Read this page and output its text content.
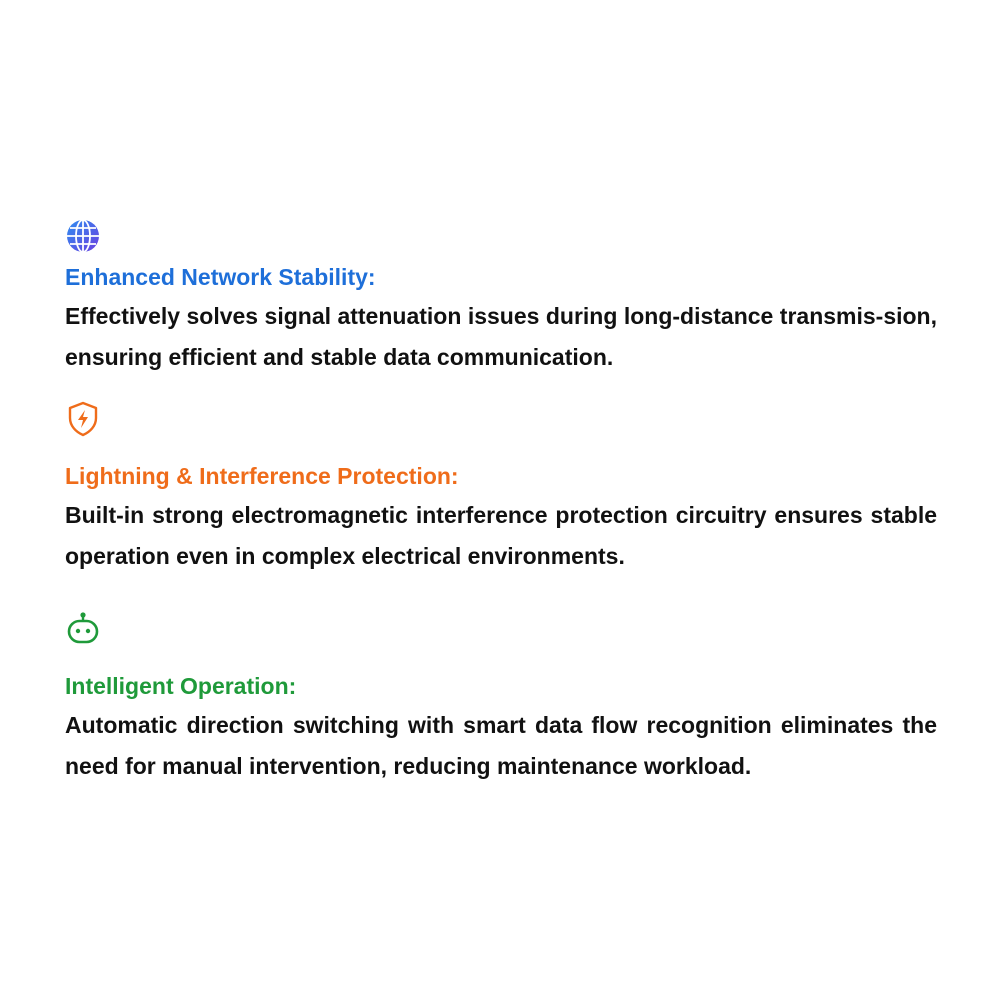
Enhanced Network Stability:

Effectively solves signal attenuation issues during long-distance transmis-sion, ensuring efficient and stable data communication.

Lightning & Interference Protection:

Built-in strong electromagnetic interference protection circuitry ensures stable operation even in complex electrical environments.

Intelligent Operation:

Automatic direction switching with smart data flow recognition eliminates the need for manual intervention, reducing maintenance workload.
